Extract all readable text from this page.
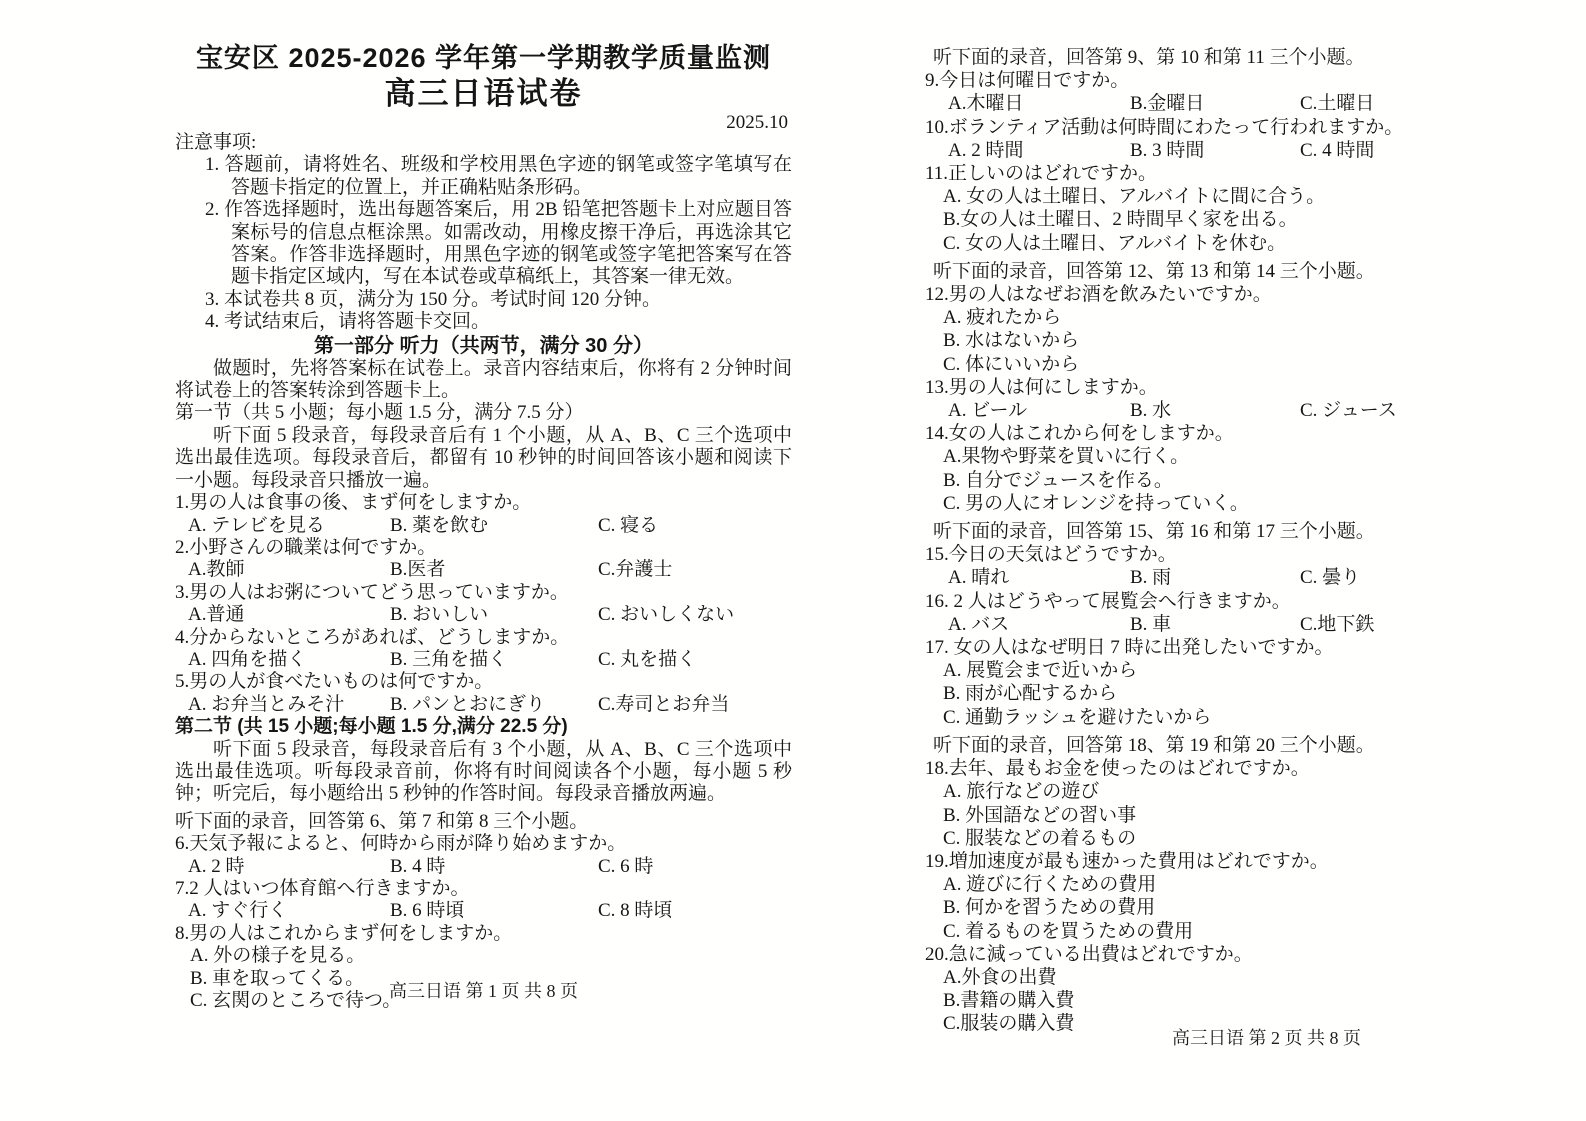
宝安区 2025-2026 学年第一学期教学质量监测
高三日语试卷
2025.10
注意事项:
1. 答题前，请将姓名、班级和学校用黑色字迹的钢笔或签字笔填写在答题卡指定的位置上，并正确粘贴条形码。
2. 作答选择题时，选出每题答案后，用 2B 铅笔把答题卡上对应题目答案标号的信息点框涂黑。如需改动，用橡皮擦干净后，再选涂其它答案。作答非选择题时，用黑色字迹的钢笔或签字笔把答案写在答题卡指定区域内，写在本试卷或草稿纸上，其答案一律无效。
3. 本试卷共 8 页，满分为 150 分。考试时间 120 分钟。
4. 考试结束后，请将答题卡交回。
第一部分 听力（共两节，满分 30 分）

做题时，先将答案标在试卷上。录音内容结束后，你将有 2 分钟时间将试卷上的答案转涂到答题卡上。

第一节（共 5 小题；每小题 1.5 分，满分 7.5 分）

听下面 5 段录音，每段录音后有 1 个小题，从 A、B、C 三个选项中选出最佳选项。每段录音后，都留有 10 秒钟的时间回答该小题和阅读下一小题。每段录音只播放一遍。

1.男の人は食事の後、まず何をしますか。
A. テレビを見る	B. 薬を飲む	C. 寝る
2.小野さんの職業は何ですか。
A.教師	B.医者	C.弁護士
3.男の人はお粥についてどう思っていますか。
A.普通	B. おいしい	C. おいしくない
4.分からないところがあれば、どうしますか。
A. 四角を描く	B. 三角を描く	C. 丸を描く
5.男の人が食べたいものは何ですか。
A. お弁当とみそ汁	B. パンとおにぎり	C.寿司とお弁当
第二节 (共 15 小题;每小题 1.5 分,满分 22.5 分)

听下面 5 段录音，每段录音后有 3 个小题，从 A、B、C 三个选项中选出最佳选项。听每段录音前，你将有时间阅读各个小题，每小题 5 秒钟；听完后，每小题给出 5 秒钟的作答时间。每段录音播放两遍。

听下面的录音，回答第 6、第 7 和第 8 三个小题。
6.天気予報によると、何時から雨が降り始めますか。
A. 2 時	B. 4 時	C. 6 時
7.2 人はいつ体育館へ行きますか。
A. すぐ行く	B. 6 時頃	C. 8 時頃
8.男の人はこれからまず何をしますか。
A. 外の様子を見る。
B. 車を取ってくる。
C. 玄関のところで待つ。
听下面的录音，回答第 9、第 10 和第 11 三个小题。
9.今日は何曜日ですか。
A.木曜日	B.金曜日	C.土曜日
10.ボランティア活動は何時間にわたって行われますか。
A. 2 時間	B. 3 時間	C. 4 時間
11.正しいのはどれですか。
A. 女の人は土曜日、アルバイトに間に合う。
B.女の人は土曜日、2 時間早く家を出る。
C. 女の人は土曜日、アルバイトを休む。
听下面的录音，回答第 12、第 13 和第 14 三个小题。
12.男の人はなぜお酒を飲みたいですか。
A. 疲れたから
B. 水はないから
C. 体にいいから
13.男の人は何にしますか。
A. ビール	B. 水	C. ジュース
14.女の人はこれから何をしますか。
A.果物や野菜を買いに行く。
B. 自分でジュースを作る。
C. 男の人にオレンジを持っていく。
听下面的录音，回答第 15、第 16 和第 17 三个小题。
15.今日の天気はどうですか。
A. 晴れ	B. 雨	C. 曇り
16. 2 人はどうやって展覧会へ行きますか。
A. バス	B. 車	C.地下鉄
17. 女の人はなぜ明日 7 時に出発したいですか。
A. 展覧会まで近いから
B. 雨が心配するから
C. 通勤ラッシュを避けたいから
听下面的录音，回答第 18、第 19 和第 20 三个小题。
18.去年、最もお金を使ったのはどれですか。
A. 旅行などの遊び
B. 外国語などの習い事
C. 服装などの着るもの
19.増加速度が最も速かった費用はどれですか。
A. 遊びに行くための費用
B. 何かを習うための費用
C. 着るものを買うための費用
20.急に減っている出費はどれですか。
A.外食の出費
B.書籍の購入費
C.服装の購入費
高三日语 第 1 页 共 8 页
高三日语 第 2 页 共 8 页
